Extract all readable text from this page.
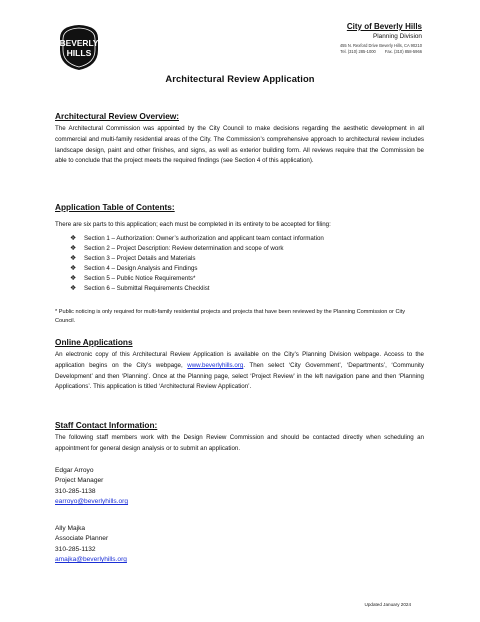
BEVERLY
HILLS
City of Beverly Hills
Planning Division
455 N. Rexford Drive Beverly Hills, CA 90210
Tel. (310) 285-1000 Fax. (310) 858-5966
Architectural Review Application
Architectural Review Overview:
The Architectural Commission was appointed by the City Council to make decisions regarding the aesthetic development in all commercial and multi-family residential areas of the City. The Commission’s comprehensive approach to architectural review includes landscape design, paint and other finishes, and signs, as well as exterior building form. All reviews require that the Commission be able to conclude that the project meets the required findings (see Section 4 of this application).
Application Table of Contents:
There are six parts to this application; each must be completed in its entirety to be accepted for filing:
❖	Section 1 – Authorization: Owner’s authorization and applicant team contact information
❖	Section 2 – Project Description: Review determination and scope of work
❖	Section 3 – Project Details and Materials
❖	Section 4 – Design Analysis and Findings
❖	Section 5 – Public Notice Requirements*
❖	Section 6 – Submittal Requirements Checklist
* Public noticing is only required for multi-family residential projects and projects that have been reviewed by the Planning Commission or City Council.
Online Applications
An electronic copy of this Architectural Review Application is available on the City’s Planning Division webpage. Access to the application begins on the City’s webpage, www.beverlyhills.org. Then select ‘City Government’, ‘Departments’, ‘Community Development’ and then ‘Planning’. Once at the Planning page, select ‘Project Review’ in the left navigation pane and then ‘Planning Applications’. This application is titled ‘Architectural Review Application’.
Staff Contact Information:
The following staff members work with the Design Review Commission and should be contacted directly when scheduling an appointment for general design analysis or to submit an application.
Edgar Arroyo
Project Manager
310-285-1138
earroyo@beverlyhills.org
Ally Majka
Associate Planner
310-285-1132
amajka@beverlyhills.org
Updated January 2024
